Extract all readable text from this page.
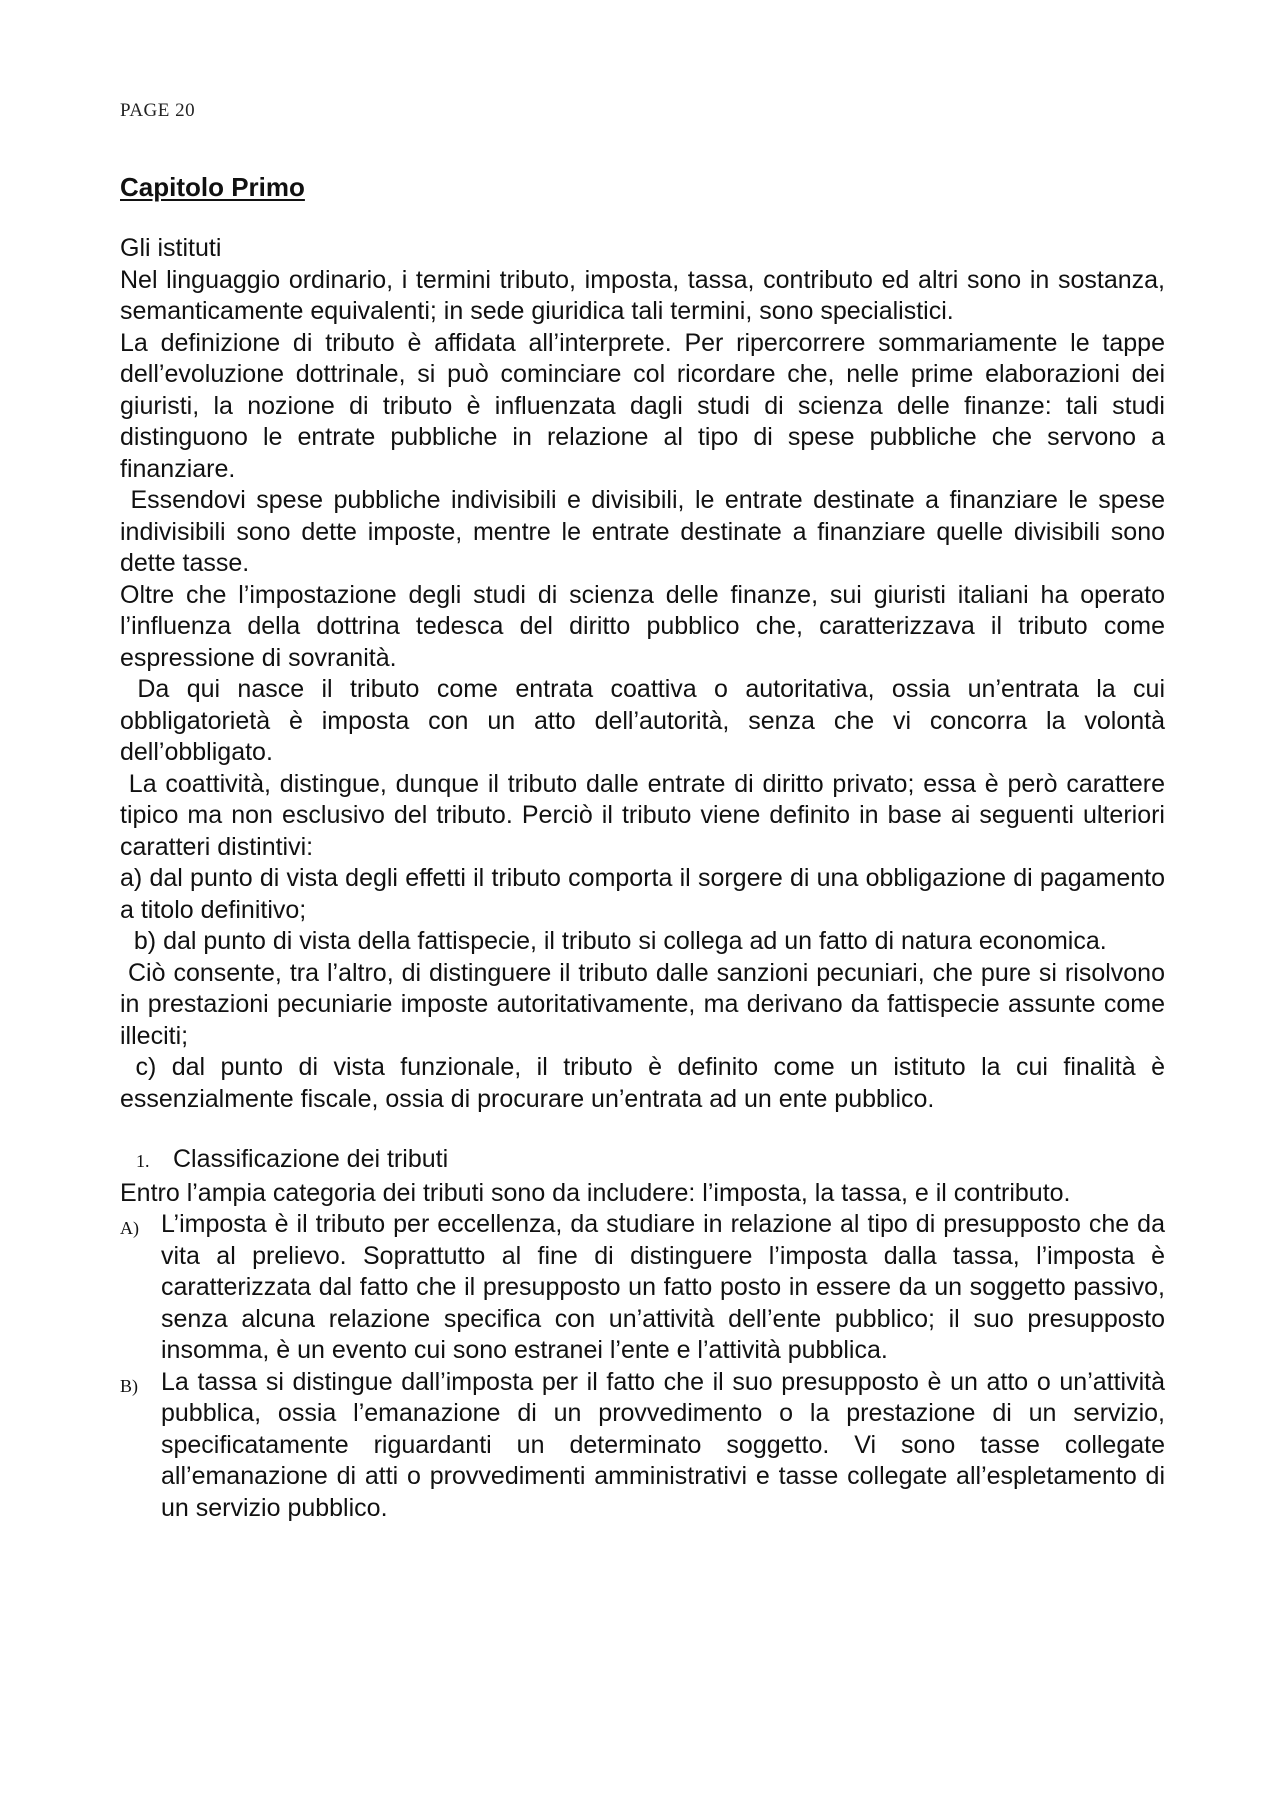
PAGE 20
Capitolo Primo

Gli istituti

Nel linguaggio ordinario, i termini tributo, imposta, tassa, contributo ed altri sono in sostanza, semanticamente equivalenti; in sede giuridica tali termini, sono specialistici.

La definizione di tributo è affidata all’interprete. Per ripercorrere sommariamente le tappe dell’evoluzione dottrinale, si può cominciare col ricordare che, nelle prime elaborazioni dei giuristi, la nozione di tributo è influenzata dagli studi di scienza delle finanze: tali studi distinguono le entrate pubbliche in relazione al tipo di spese pubbliche che servono a finanziare.

Essendovi spese pubbliche indivisibili e divisibili, le entrate destinate a finanziare le spese indivisibili sono dette imposte, mentre le entrate destinate a finanziare quelle divisibili sono dette tasse.

Oltre che l’impostazione degli studi di scienza delle finanze, sui giuristi italiani ha operato l’influenza della dottrina tedesca del diritto pubblico che, caratterizzava il tributo come espressione di sovranità.

Da qui nasce il tributo come entrata coattiva o autoritativa, ossia un’entrata la cui obbligatorietà è imposta con un atto dell’autorità, senza che vi concorra la volontà dell’obbligato.

La coattività, distingue, dunque il tributo dalle entrate di diritto privato; essa è però carattere tipico ma non esclusivo del tributo. Perciò il tributo viene definito in base ai seguenti ulteriori caratteri distintivi:

a) dal punto di vista degli effetti il tributo comporta il sorgere di una obbligazione di pagamento a titolo definitivo;

b) dal punto di vista della fattispecie, il tributo si collega ad un fatto di natura economica.

Ciò consente, tra l’altro, di distinguere il tributo dalle sanzioni pecuniari, che pure si risolvono in prestazioni pecuniarie imposte autoritativamente, ma derivano da fattispecie assunte come illeciti;

c) dal punto di vista funzionale, il tributo è definito come un istituto la cui finalità è essenzialmente fiscale, ossia di procurare un’entrata ad un ente pubblico.

1. Classificazione dei tributi

Entro l’ampia categoria dei tributi sono da includere: l’imposta, la tassa, e il contributo.

A) L’imposta è il tributo per eccellenza, da studiare in relazione al tipo di presupposto che da vita al prelievo. Soprattutto al fine di distinguere l’imposta dalla tassa, l’imposta è caratterizzata dal fatto che il presupposto un fatto posto in essere da un soggetto passivo, senza alcuna relazione specifica con un’attività dell’ente pubblico; il suo presupposto insomma, è un evento cui sono estranei l’ente e l’attività pubblica.
B) La tassa si distingue dall’imposta per il fatto che il suo presupposto è un atto o un’attività pubblica, ossia l’emanazione di un provvedimento o la prestazione di un servizio, specificatamente riguardanti un determinato soggetto. Vi sono tasse collegate all’emanazione di atti o provvedimenti amministrativi e tasse collegate all’espletamento di un servizio pubblico.
